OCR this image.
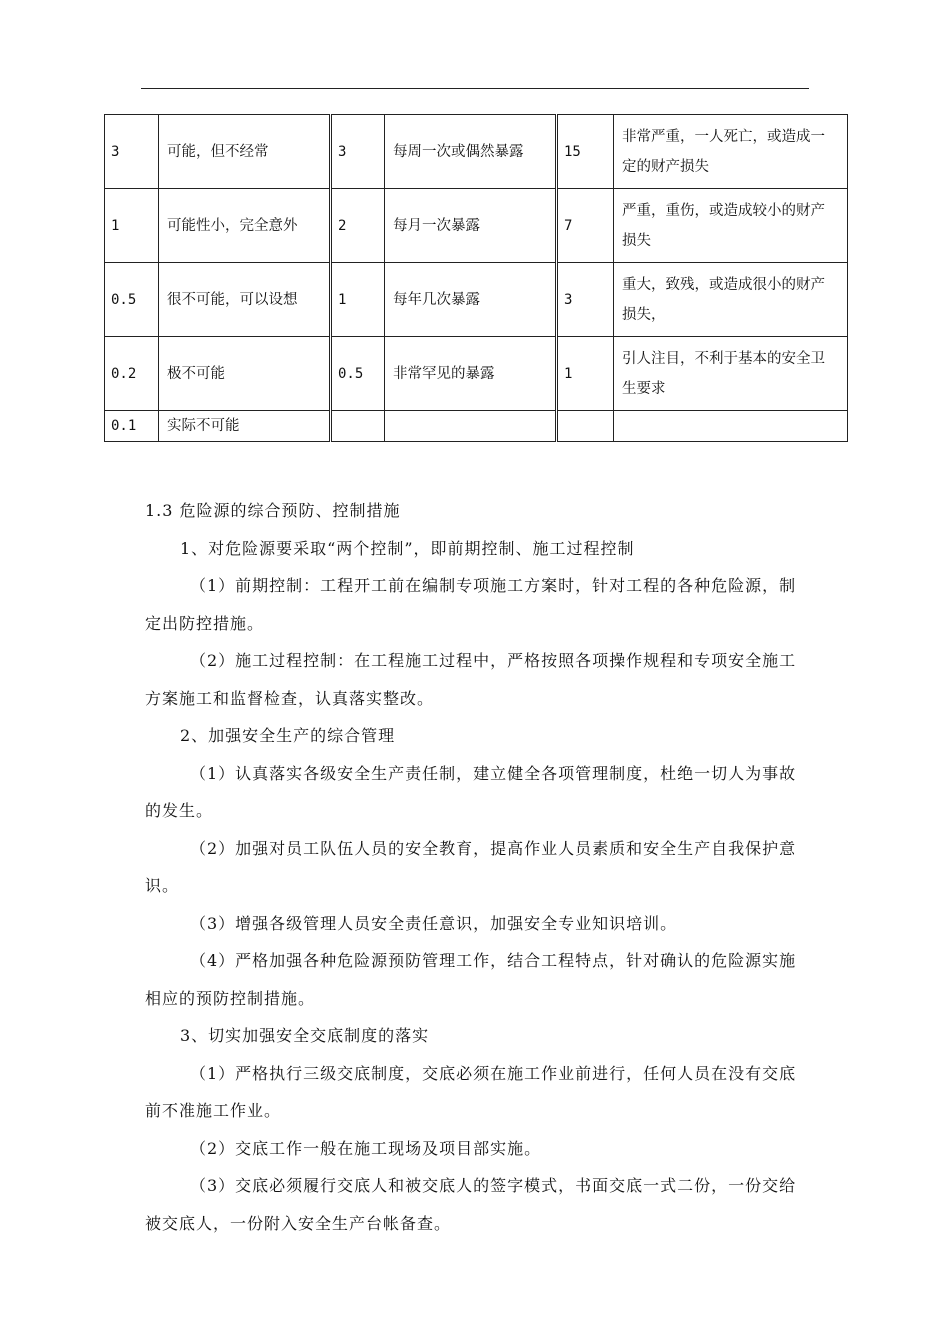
3	可能，但不经常	3	每周一次或偶然暴露	15	非常严重，一人死亡，或造成一定的财产损失
1	可能性小，完全意外	2	每月一次暴露	7	严重，重伤，或造成较小的财产损失
0.5	很不可能，可以设想	1	每年几次暴露	3	重大，致残，或造成很小的财产损失，
0.2	极不可能	0.5	非常罕见的暴露	1	引人注目，不利于基本的安全卫生要求
0.1	实际不可能				

1.3 危险源的综合预防、控制措施

1、对危险源要采取“两个控制”，即前期控制、施工过程控制

（1）前期控制：工程开工前在编制专项施工方案时，针对工程的各种危险源，制定出防控措施。

（2）施工过程控制：在工程施工过程中，严格按照各项操作规程和专项安全施工方案施工和监督检查，认真落实整改。

2、加强安全生产的综合管理

（1）认真落实各级安全生产责任制，建立健全各项管理制度，杜绝一切人为事故的发生。

（2）加强对员工队伍人员的安全教育，提高作业人员素质和安全生产自我保护意识。

（3）增强各级管理人员安全责任意识，加强安全专业知识培训。

（4）严格加强各种危险源预防管理工作，结合工程特点，针对确认的危险源实施相应的预防控制措施。

3、切实加强安全交底制度的落实

（1）严格执行三级交底制度，交底必须在施工作业前进行，任何人员在没有交底前不准施工作业。

（2）交底工作一般在施工现场及项目部实施。

（3）交底必须履行交底人和被交底人的签字模式，书面交底一式二份，一份交给被交底人，一份附入安全生产台帐备查。
